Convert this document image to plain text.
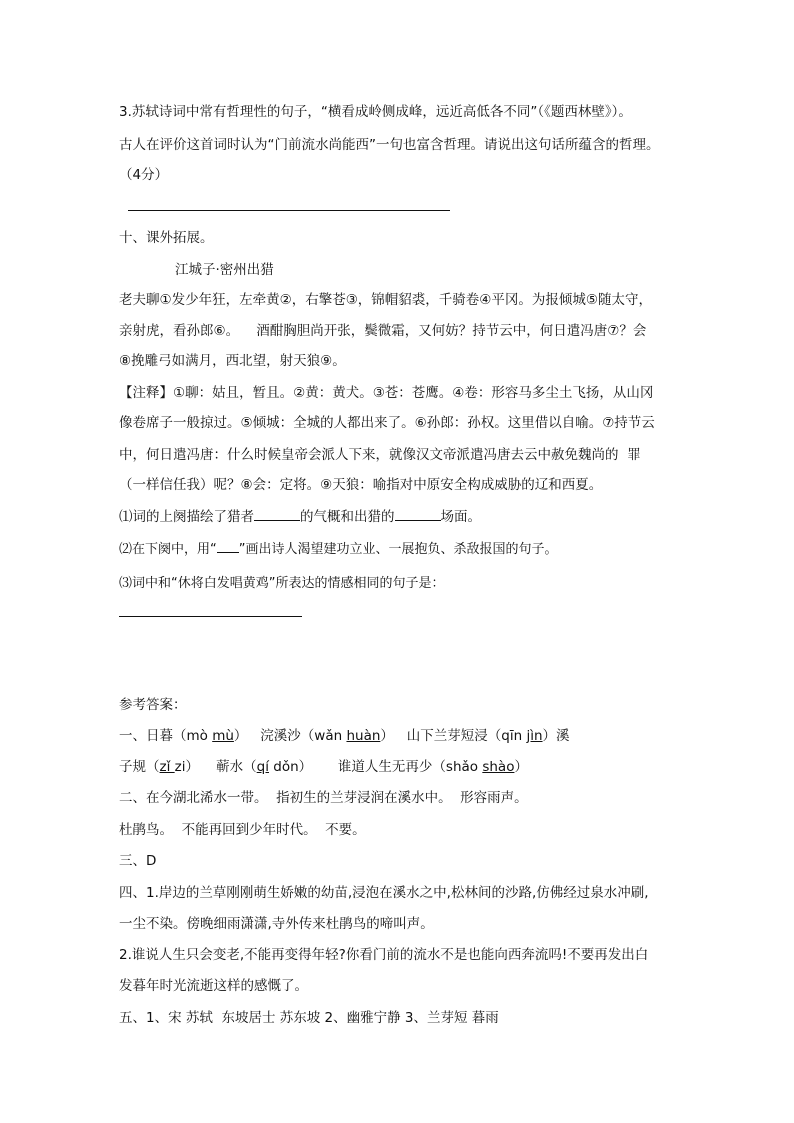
3.苏轼诗词中常有哲理性的句子，“横看成岭侧成峰，远近高低各不同”（《题西林壁》）。
古人在评价这首词时认为“门前流水尚能西”一句也富含哲理。请说出这句话所蕴含的哲理。
（4分）
十、课外拓展。
江城子·密州出猎
老夫聊①发少年狂，左牵黄②，右擎苍③，锦帽貂裘，千骑卷④平冈。为报倾城⑤随太守，
亲射虎，看孙郎⑥。    酒酣胸胆尚开张，鬓微霜，又何妨？持节云中，何日遣冯唐⑦？会
⑧挽雕弓如满月，西北望，射天狼⑨。
【注释】①聊：姑且，暂且。②黄：黄犬。③苍：苍鹰。④卷：形容马多尘土飞扬，从山冈
像卷席子一般掠过。⑤倾城：全城的人都出来了。⑥孙郎：孙权。这里借以自喻。⑦持节云
中，何日遣冯唐：什么时候皇帝会派人下来，就像汉文帝派遣冯唐去云中赦免魏尚的  罪
（一样信任我）呢？⑧会：定将。⑨天狼：喻指对中原安全构成威胁的辽和西夏。
⑴词的上阕描绘了猎者	的气概和出猎的	场面。
⑵在下阕中，用“ ”画出诗人渴望建功立业、一展抱负、杀敌报国的句子。
⑶词中和“休将白发唱黄鸡”所表达的情感相同的句子是：
参考答案：
一、日暮（mò mù）   浣溪沙（wǎn huàn）   山下兰芽短浸（qīn jìn）溪
子规（zǐ zi）    蕲水（qí dǒn）      谁道人生无再少（shǎo shào）
二、在今湖北浠水一带。  指初生的兰芽浸润在溪水中。  形容雨声。
杜鹃鸟。  不能再回到少年时代。  不要。
三、D
四、1.岸边的兰草刚刚萌生娇嫩的幼苗,浸泡在溪水之中,松林间的沙路,仿佛经过泉水冲刷,
一尘不染。傍晚细雨潇潇,寺外传来杜鹃鸟的啼叫声。
2.谁说人生只会变老,不能再变得年轻?你看门前的流水不是也能向西奔流吗!不要再发出白
发暮年时光流逝这样的感慨了。
五、1、宋 苏轼  东坡居士 苏东坡 2、幽雅宁静 3、兰芽短 暮雨
